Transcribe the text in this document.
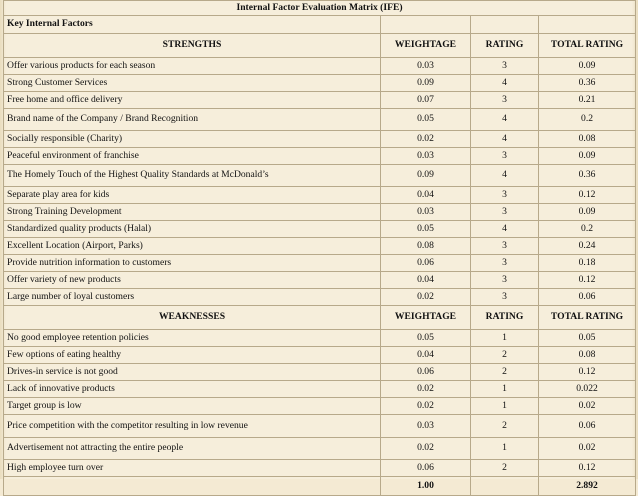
Internal Factor Evaluation Matrix (IFE)			
Key Internal Factors			
STRENGTHS	WEIGHTAGE	RATING	TOTAL RATING
Offer various products for each season	0.03	3	0.09
Strong Customer Services	0.09	4	0.36
Free home and office delivery	0.07	3	0.21
Brand name of the Company / Brand Recognition	0.05	4	0.2
Socially responsible (Charity)	0.02	4	0.08
Peaceful environment of franchise	0.03	3	0.09
The Homely Touch of the Highest Quality Standards at McDonald’s	0.09	4	0.36
Separate play area for kids	0.04	3	0.12
Strong Training Development	0.03	3	0.09
Standardized quality products (Halal)	0.05	4	0.2
Excellent Location (Airport, Parks)	0.08	3	0.24
Provide nutrition information to customers	0.06	3	0.18
Offer variety of new products	0.04	3	0.12
Large number of loyal customers	0.02	3	0.06
WEAKNESSES	WEIGHTAGE	RATING	TOTAL RATING
No good employee retention policies	0.05	1	0.05
Few options of eating healthy	0.04	2	0.08
Drives-in service is not good	0.06	2	0.12
Lack of innovative products	0.02	1	0.022
Target group is low	0.02	1	0.02
Price competition with the competitor resulting in low revenue	0.03	2	0.06
Advertisement not attracting the entire people	0.02	1	0.02
High employee turn over	0.06	2	0.12
	1.00		2.892
